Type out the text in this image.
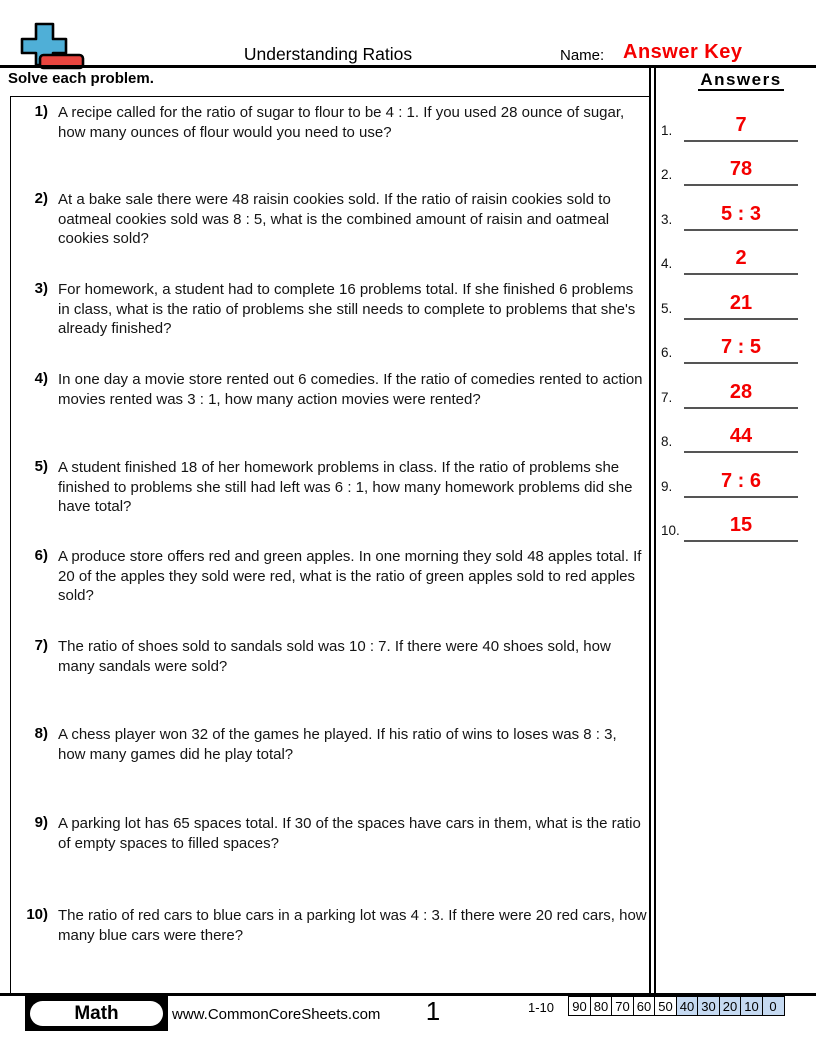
Understanding Ratios	Name: Answer Key
Solve each problem.	Answers
1.	7
2.	78
3.	5 : 3
4.	2
5.	21
6.	7 : 5
7.	28
8.	44
9.	7 : 6
10.	15
1) A recipe called for the ratio of sugar to flour to be 4 : 1. If you used 28 ounce of sugar, how many ounces of flour would you need to use?
2) At a bake sale there were 48 raisin cookies sold. If the ratio of raisin cookies sold to oatmeal cookies sold was 8 : 5, what is the combined amount of raisin and oatmeal cookies sold?
3) For homework, a student had to complete 16 problems total. If she finished 6 problems in class, what is the ratio of problems she still needs to complete to problems that she's already finished?
4) In one day a movie store rented out 6 comedies. If the ratio of comedies rented to action movies rented was 3 : 1, how many action movies were rented?
5) A student finished 18 of her homework problems in class. If the ratio of problems she finished to problems she still had left was 6 : 1, how many homework problems did she have total?
6) A produce store offers red and green apples. In one morning they sold 48 apples total. If 20 of the apples they sold were red, what is the ratio of green apples sold to red apples sold?
7) The ratio of shoes sold to sandals sold was 10 : 7. If there were 40 shoes sold, how many sandals were sold?
8) A chess player won 32 of the games he played. If his ratio of wins to loses was 8 : 3, how many games did he play total?
9) A parking lot has 65 spaces total. If 30 of the spaces have cars in them, what is the ratio of empty spaces to filled spaces?
10) The ratio of red cars to blue cars in a parking lot was 4 : 3. If there were 20 red cars, how many blue cars were there?
Math	www.CommonCoreSheets.com	1	1-10	90 80 70 60 50 40 30 20 10 0
